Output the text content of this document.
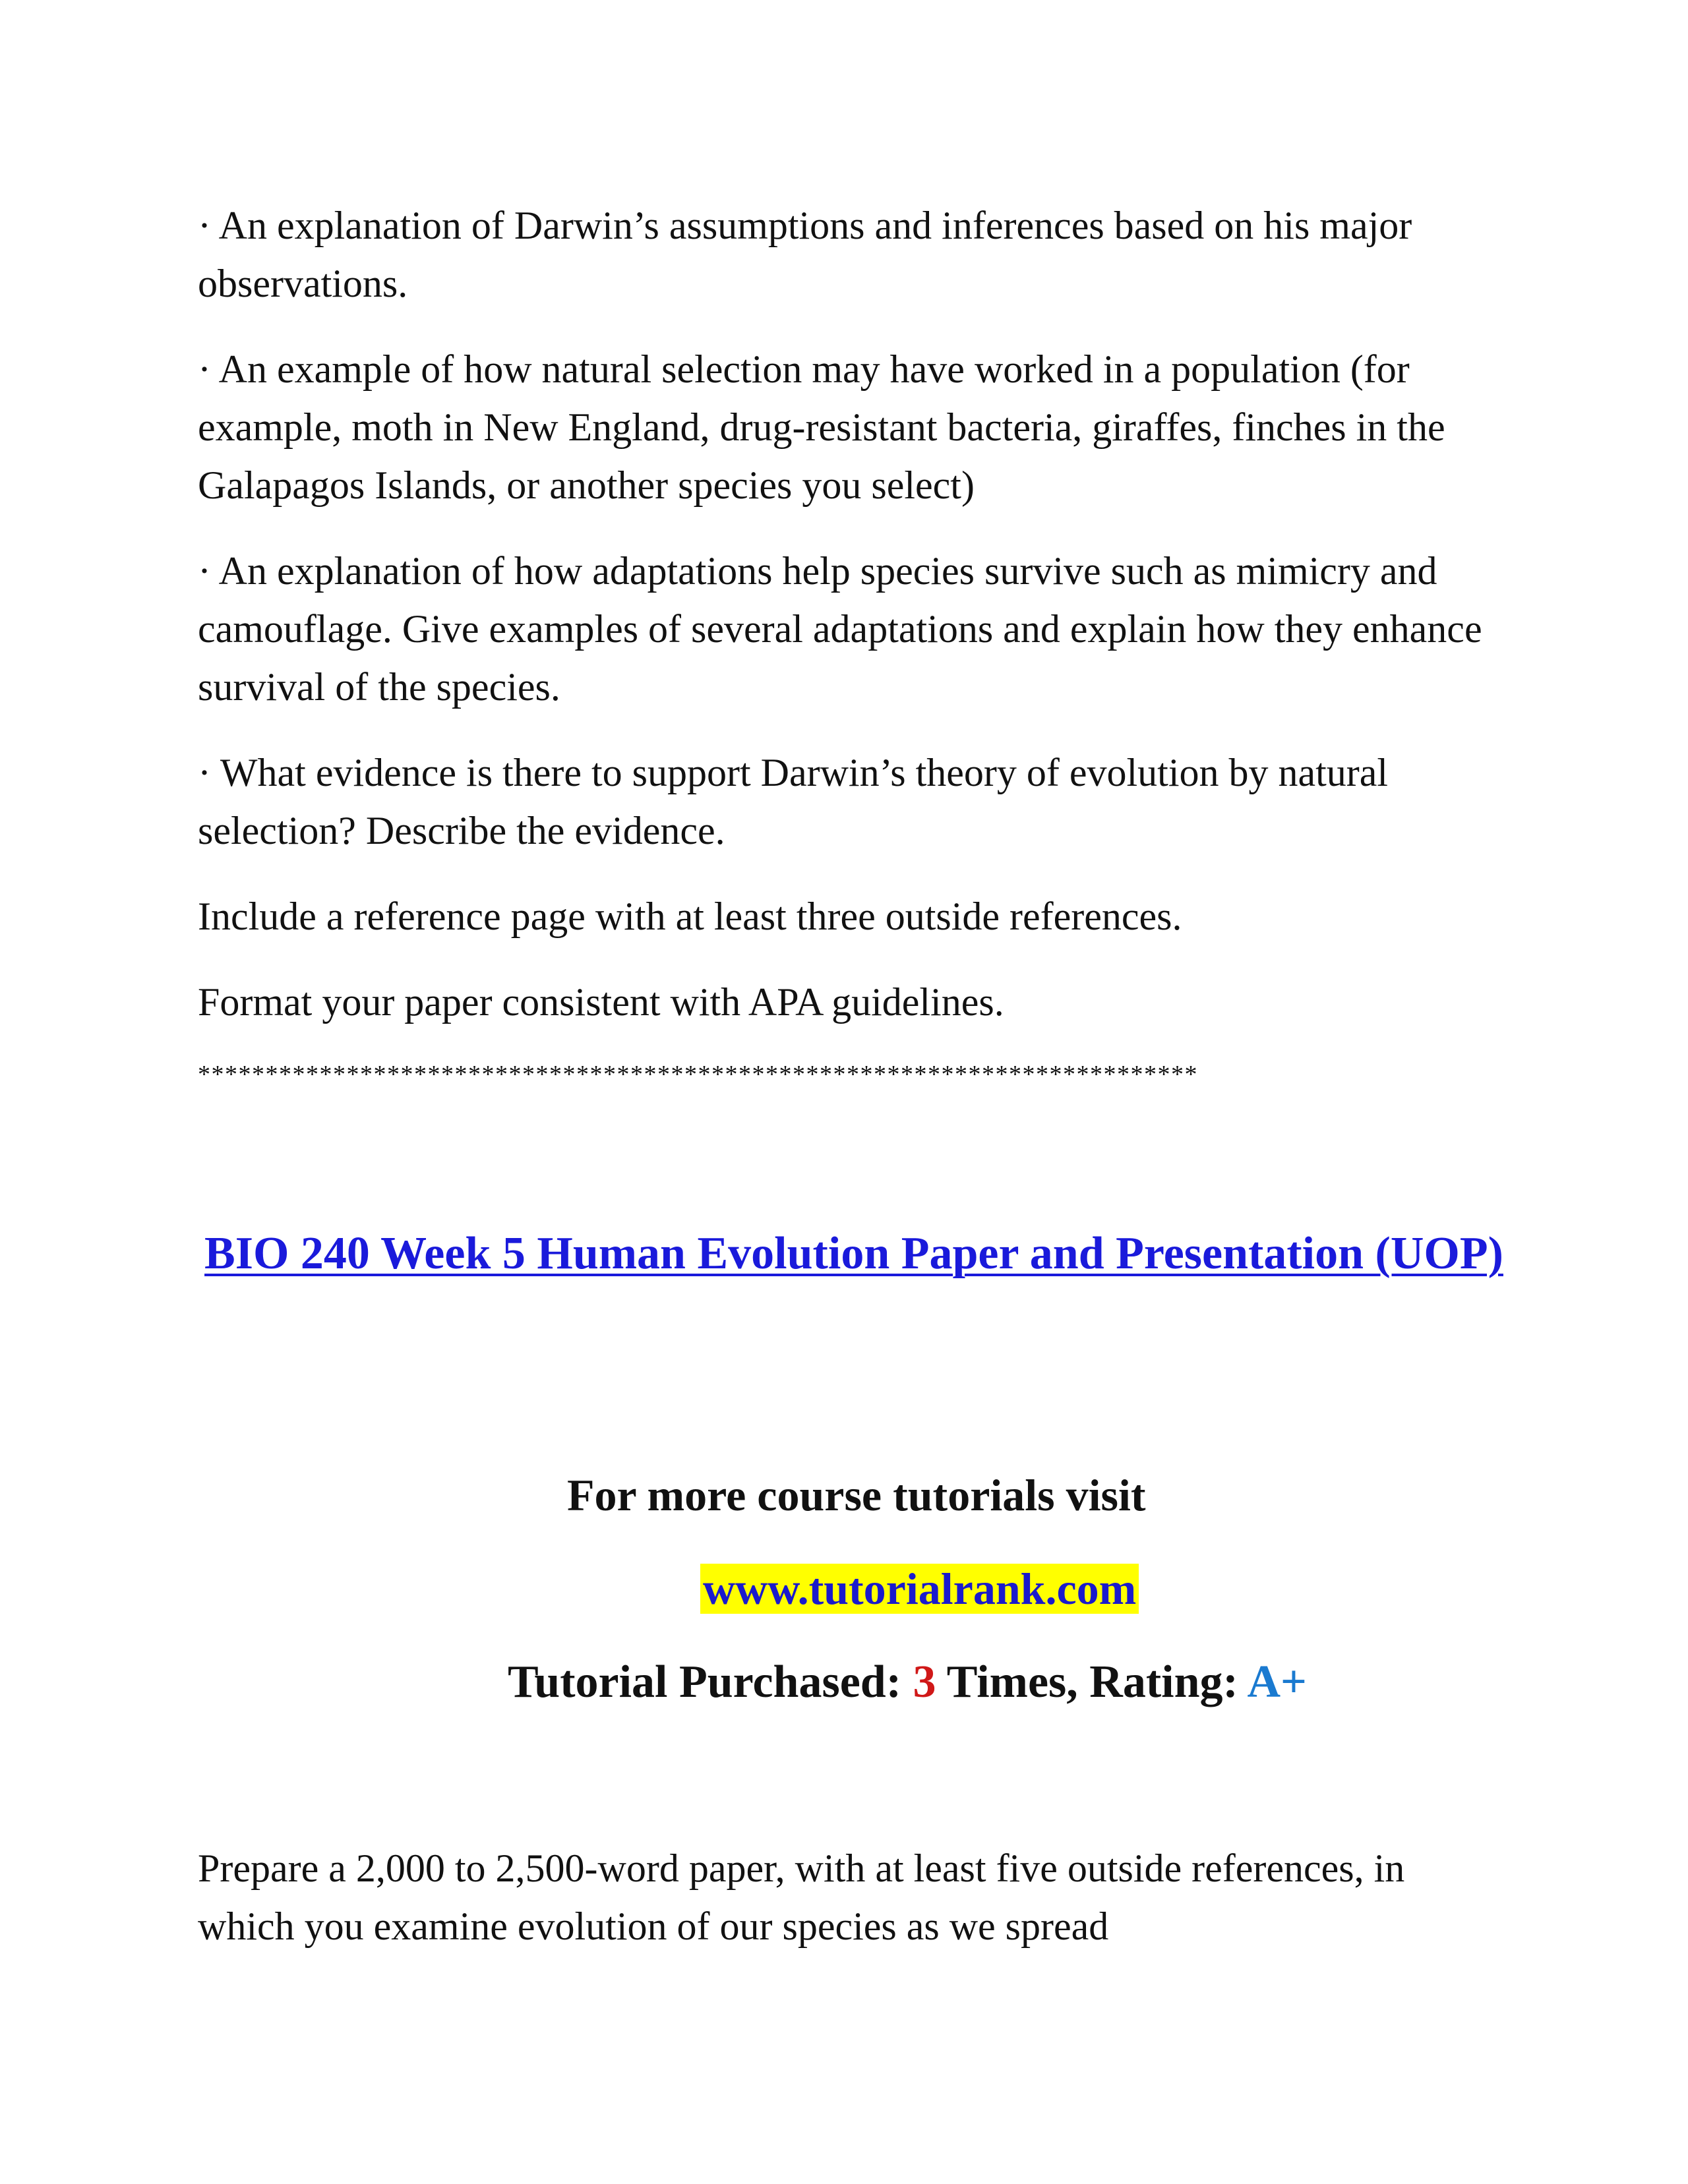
· An explanation of Darwin’s assumptions and inferences based on his major observations.

· An example of how natural selection may have worked in a population (for example, moth in New England, drug-resistant bacteria, giraffes, finches in the Galapagos Islands, or another species you select)

· An explanation of how adaptations help species survive such as mimicry and camouflage. Give examples of several adaptations and explain how they enhance survival of the species.

· What evidence is there to support Darwin’s theory of evolution by natural selection? Describe the evidence.

Include a reference page with at least three outside references.

Format your paper consistent with APA guidelines.

**************************************************************************
BIO 240 Week 5 Human Evolution Paper and Presentation (UOP)
For more course tutorials visit
www.tutorialrank.com
Tutorial Purchased: 3 Times, Rating: A+

Prepare a 2,000 to 2,500-word paper, with at least five outside references, in which you examine evolution of our species as we spread
